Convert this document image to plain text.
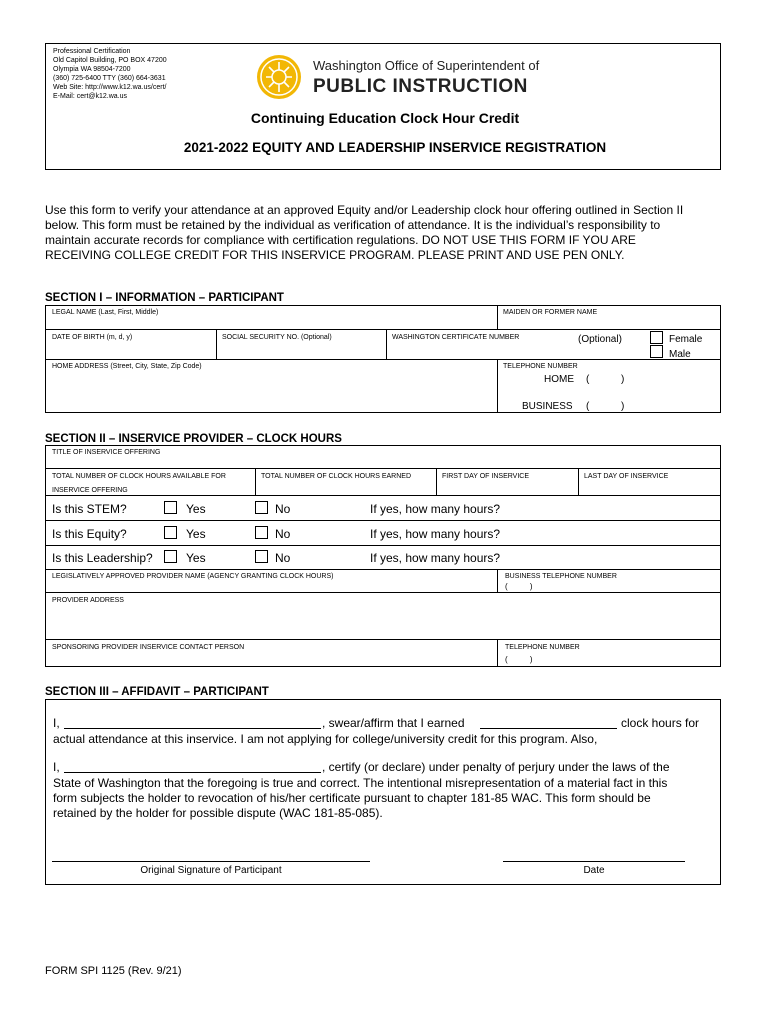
Professional Certification
Old Capitol Building, PO BOX 47200
Olympia WA 98504-7200
(360) 725-6400 TTY (360) 664-3631
Web Site: http://www.k12.wa.us/cert/
E-Mail: cert@k12.wa.us
Washington Office of Superintendent of
PUBLIC INSTRUCTION
Continuing Education Clock Hour Credit
2021-2022 EQUITY AND LEADERSHIP INSERVICE REGISTRATION
Use this form to verify your attendance at an approved Equity and/or Leadership clock hour offering outlined in Section II
below. This form must be retained by the individual as verification of attendance. It is the individual’s responsibility to
maintain accurate records for compliance with certification regulations. DO NOT USE THIS FORM IF YOU ARE
RECEIVING COLLEGE CREDIT FOR THIS INSERVICE PROGRAM. PLEASE PRINT AND USE PEN ONLY.
SECTION I – INFORMATION – PARTICIPANT
LEGAL NAME (Last, First, Middle)	MAIDEN OR FORMER NAME
DATE OF BIRTH (m, d, y)	SOCIAL SECURITY NO. (Optional)	WASHINGTON CERTIFICATE NUMBER	(Optional)	Female
Male
HOME ADDRESS (Street, City, State, Zip Code)	TELEPHONE NUMBER
HOME (	)
BUSINESS (	)
SECTION II – INSERVICE PROVIDER – CLOCK HOURS
TITLE OF INSERVICE OFFERING
TOTAL NUMBER OF CLOCK HOURS AVAILABLE FOR
INSERVICE OFFERING
TOTAL NUMBER OF CLOCK HOURS EARNED	FIRST DAY OF INSERVICE	LAST DAY OF INSERVICE
Is this STEM?	Yes	No	If yes, how many hours?
Is this Equity?	Yes	No	If yes, how many hours?
Is this Leadership?	Yes	No	If yes, how many hours?
LEGISLATIVELY APPROVED PROVIDER NAME (AGENCY GRANTING CLOCK HOURS)	BUSINESS TELEPHONE NUMBER
(          )
PROVIDER ADDRESS
SPONSORING PROVIDER INSERVICE CONTACT PERSON	TELEPHONE NUMBER
(          )
SECTION III – AFFIDAVIT – PARTICIPANT
I,	, swear/affirm that I earned	clock hours for
actual attendance at this inservice. I am not applying for college/university credit for this program. Also,
I,	, certify (or declare) under penalty of perjury under the laws of the
State of Washington that the foregoing is true and correct. The intentional misrepresentation of a material fact in this
form subjects the holder to revocation of his/her certificate pursuant to chapter 181-85 WAC. This form should be
retained by the holder for possible dispute (WAC 181-85-085).
Original Signature of Participant	Date
FORM SPI 1125 (Rev. 9/21)
